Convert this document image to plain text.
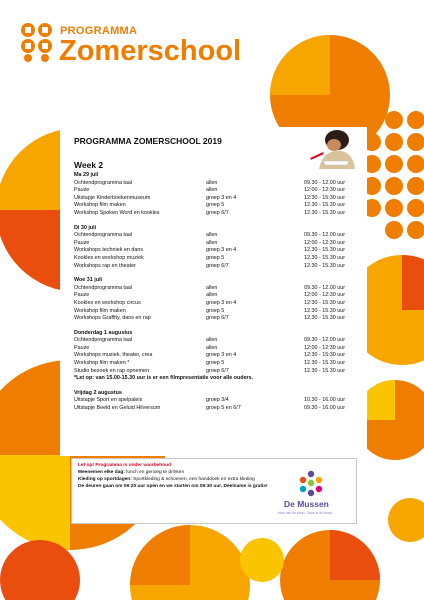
PROGRAMMA
Zomerschool
PROGRAMMA ZOMERSCHOOL 2019
Week 2
Ma 29 juli
Ochtendprogramma taal	allen	09.30 - 12.00 uur
Pauze	allen	12:00 - 12:30 uur
Uitstapje Kinderboekenmuseum	groep 3 en 4	12:30 - 15:30 uur
Workshop film maken	groep 5	12.30 - 15.30 uur
Workshop Spoken Word en kookles	groep 6/7	12.30 - 15.30 uur
Di 30 juli
Ochtendprogramma taal	allen	09.30 - 12.00 uur
Pauze	allen	12:00 - 12:30 uur
Workshops techniek en dans	groep 3 en 4	12.30 - 15.30 uur
Kookles en workshop muziek	groep 5	12.30 - 15.30 uur
Workshops rap en theater	groep 6/7	12.30 - 15.30 uur
Woe 31 juli
Ochtendprogramma taal	allen	09.30 - 12.00 uur
Pauze	allen	12:00 - 12:30 uur
Kookles en workshop circus	groep 3 en 4	12:30 - 15:30 uur
Workshop film maken	groep 5	12.30 - 15.30 uur
Workshops Graffity, dans en rap	groep 6/7	12.30 - 15.30 uur
Donderdag 1 augustus
Ochtendprogramma taal	allen	09.30 - 12.00 uur
Pauze	allen	12:00 - 12:30 uur
Workshops muziek, theater, crea	groep 3 en 4	12:30 - 15:30 uur
Workshop film maken *	groep 5	12.30 - 15.30 uur
Studio bezoek en rap opnemen	groep 6/7	12.30 - 15.30 uur
*Let op: van 15.00-15.30 uur is er een filmpresentatie voor alle ouders.
Vrijdag 2 augustus
Uitstapje Sport en spelpaleis	groep 3/4	10.30 - 16.00 uur
Uitstapje Beeld en Geluid Hilversum	groep 5 en 6/7	09.30 - 16.00 uur
Let op! Programma is onder voorbehoud
Meenemen elke dag: lunch en genoeg te drinken
Kleding op sportdagen: Sportkleding & schoenen, een handdoek en extra kleding
De deuren gaan om 09:20 uur open en we starten om 09:30 uur. Deelname is gratis!
De Mussen
Huis van de buurt. Thuis in de buurt.
